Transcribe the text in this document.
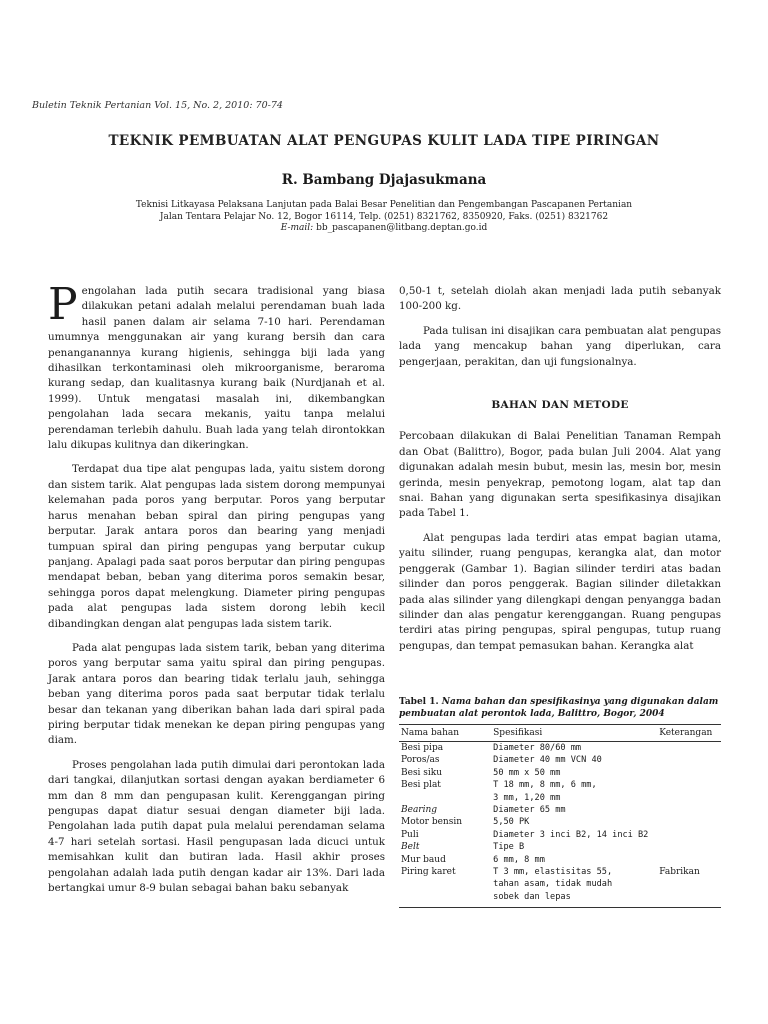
Buletin Teknik Pertanian Vol. 15, No. 2, 2010: 70-74
TEKNIK PEMBUATAN ALAT PENGUPAS KULIT LADA TIPE PIRINGAN
R. Bambang Djajasukmana
Teknisi Litkayasa Pelaksana Lanjutan pada Balai Besar Penelitian dan Pengembangan Pascapanen Pertanian
Jalan Tentara Pelajar No. 12, Bogor 16114, Telp. (0251) 8321762, 8350920, Faks. (0251) 8321762
E-mail: bb_pascapanen@litbang.deptan.go.id

Pengolahan lada putih secara tradisional yang biasa dilakukan petani adalah melalui perendaman buah lada hasil panen dalam air selama 7-10 hari. Perendaman umumnya menggunakan air yang kurang bersih dan cara penanganannya kurang higienis, sehingga biji lada yang dihasilkan terkontaminasi oleh mikroorganisme, beraroma kurang sedap, dan kualitasnya kurang baik (Nurdjanah et al. 1999). Untuk mengatasi masalah ini, dikembangkan pengolahan lada secara mekanis, yaitu tanpa melalui perendaman terlebih dahulu. Buah lada yang telah dirontokkan lalu dikupas kulitnya dan dikeringkan.

Terdapat dua tipe alat pengupas lada, yaitu sistem dorong dan sistem tarik. Alat pengupas lada sistem dorong mempunyai kelemahan pada poros yang berputar. Poros yang berputar harus menahan beban spiral dan piring pengupas yang berputar. Jarak antara poros dan bearing yang menjadi tumpuan spiral dan piring pengupas yang berputar cukup panjang. Apalagi pada saat poros berputar dan piring pengupas mendapat beban, beban yang diterima poros semakin besar, sehingga poros dapat melengkung. Diameter piring pengupas pada alat pengupas lada sistem dorong lebih kecil dibandingkan dengan alat pengupas lada sistem tarik.

Pada alat pengupas lada sistem tarik, beban yang diterima poros yang berputar sama yaitu spiral dan piring pengupas. Jarak antara poros dan bearing tidak terlalu jauh, sehingga beban yang diterima poros pada saat berputar tidak terlalu besar dan tekanan yang diberikan bahan lada dari spiral pada piring berputar tidak menekan ke depan piring pengupas yang diam.

Proses pengolahan lada putih dimulai dari perontokan lada dari tangkai, dilanjutkan sortasi dengan ayakan berdiameter 6 mm dan 8 mm dan pengupasan kulit. Kerenggangan piring pengupas dapat diatur sesuai dengan diameter biji lada. Pengolahan lada putih dapat pula melalui perendaman selama 4-7 hari setelah sortasi. Hasil pengupasan lada dicuci untuk memisahkan kulit dan butiran lada. Hasil akhir proses pengolahan adalah lada putih dengan kadar air 13%. Dari lada bertangkai umur 8-9 bulan sebagai bahan baku sebanyak

0,50-1 t, setelah diolah akan menjadi lada putih sebanyak 100-200 kg.

Pada tulisan ini disajikan cara pembuatan alat pengupas lada yang mencakup bahan yang diperlukan, cara pengerjaan, perakitan, dan uji fungsionalnya.

BAHAN DAN METODE

Percobaan dilakukan di Balai Penelitian Tanaman Rempah dan Obat (Balittro), Bogor, pada bulan Juli 2004. Alat yang digunakan adalah mesin bubut, mesin las, mesin bor, mesin gerinda, mesin penyekrap, pemotong logam, alat tap dan snai. Bahan yang digunakan serta spesifikasinya disajikan pada Tabel 1.

Alat pengupas lada terdiri atas empat bagian utama, yaitu silinder, ruang pengupas, kerangka alat, dan motor penggerak (Gambar 1). Bagian silinder terdiri atas badan silinder dan poros penggerak. Bagian silinder diletakkan pada alas silinder yang dilengkapi dengan penyangga badan silinder dan alas pengatur kerenggangan. Ruang pengupas terdiri atas piring pengupas, spiral pengupas, tutup ruang pengupas, dan tempat pemasukan bahan. Kerangka alat

Tabel 1. Nama bahan dan spesifikasinya yang digunakan dalam pembuatan alat perontok lada, Balittro, Bogor, 2004
Nama bahan	Spesifikasi	Keterangan
Besi pipa	Diameter 80/60 mm	
Poros/as	Diameter 40 mm VCN 40	
Besi siku	50 mm x 50 mm	
Besi plat	T 18 mm, 8 mm, 6 mm,	
	3 mm, 1,20 mm	
Bearing	Diameter 65 mm	
Motor bensin	5,50 PK	
Puli	Diameter 3 inci B2, 14 inci B2	
Belt	Tipe B	
Mur baud	6 mm, 8 mm	
Piring karet	T 3 mm, elastisitas 55,	Fabrikan
	tahan asam, tidak mudah	
	sobek dan lepas	
